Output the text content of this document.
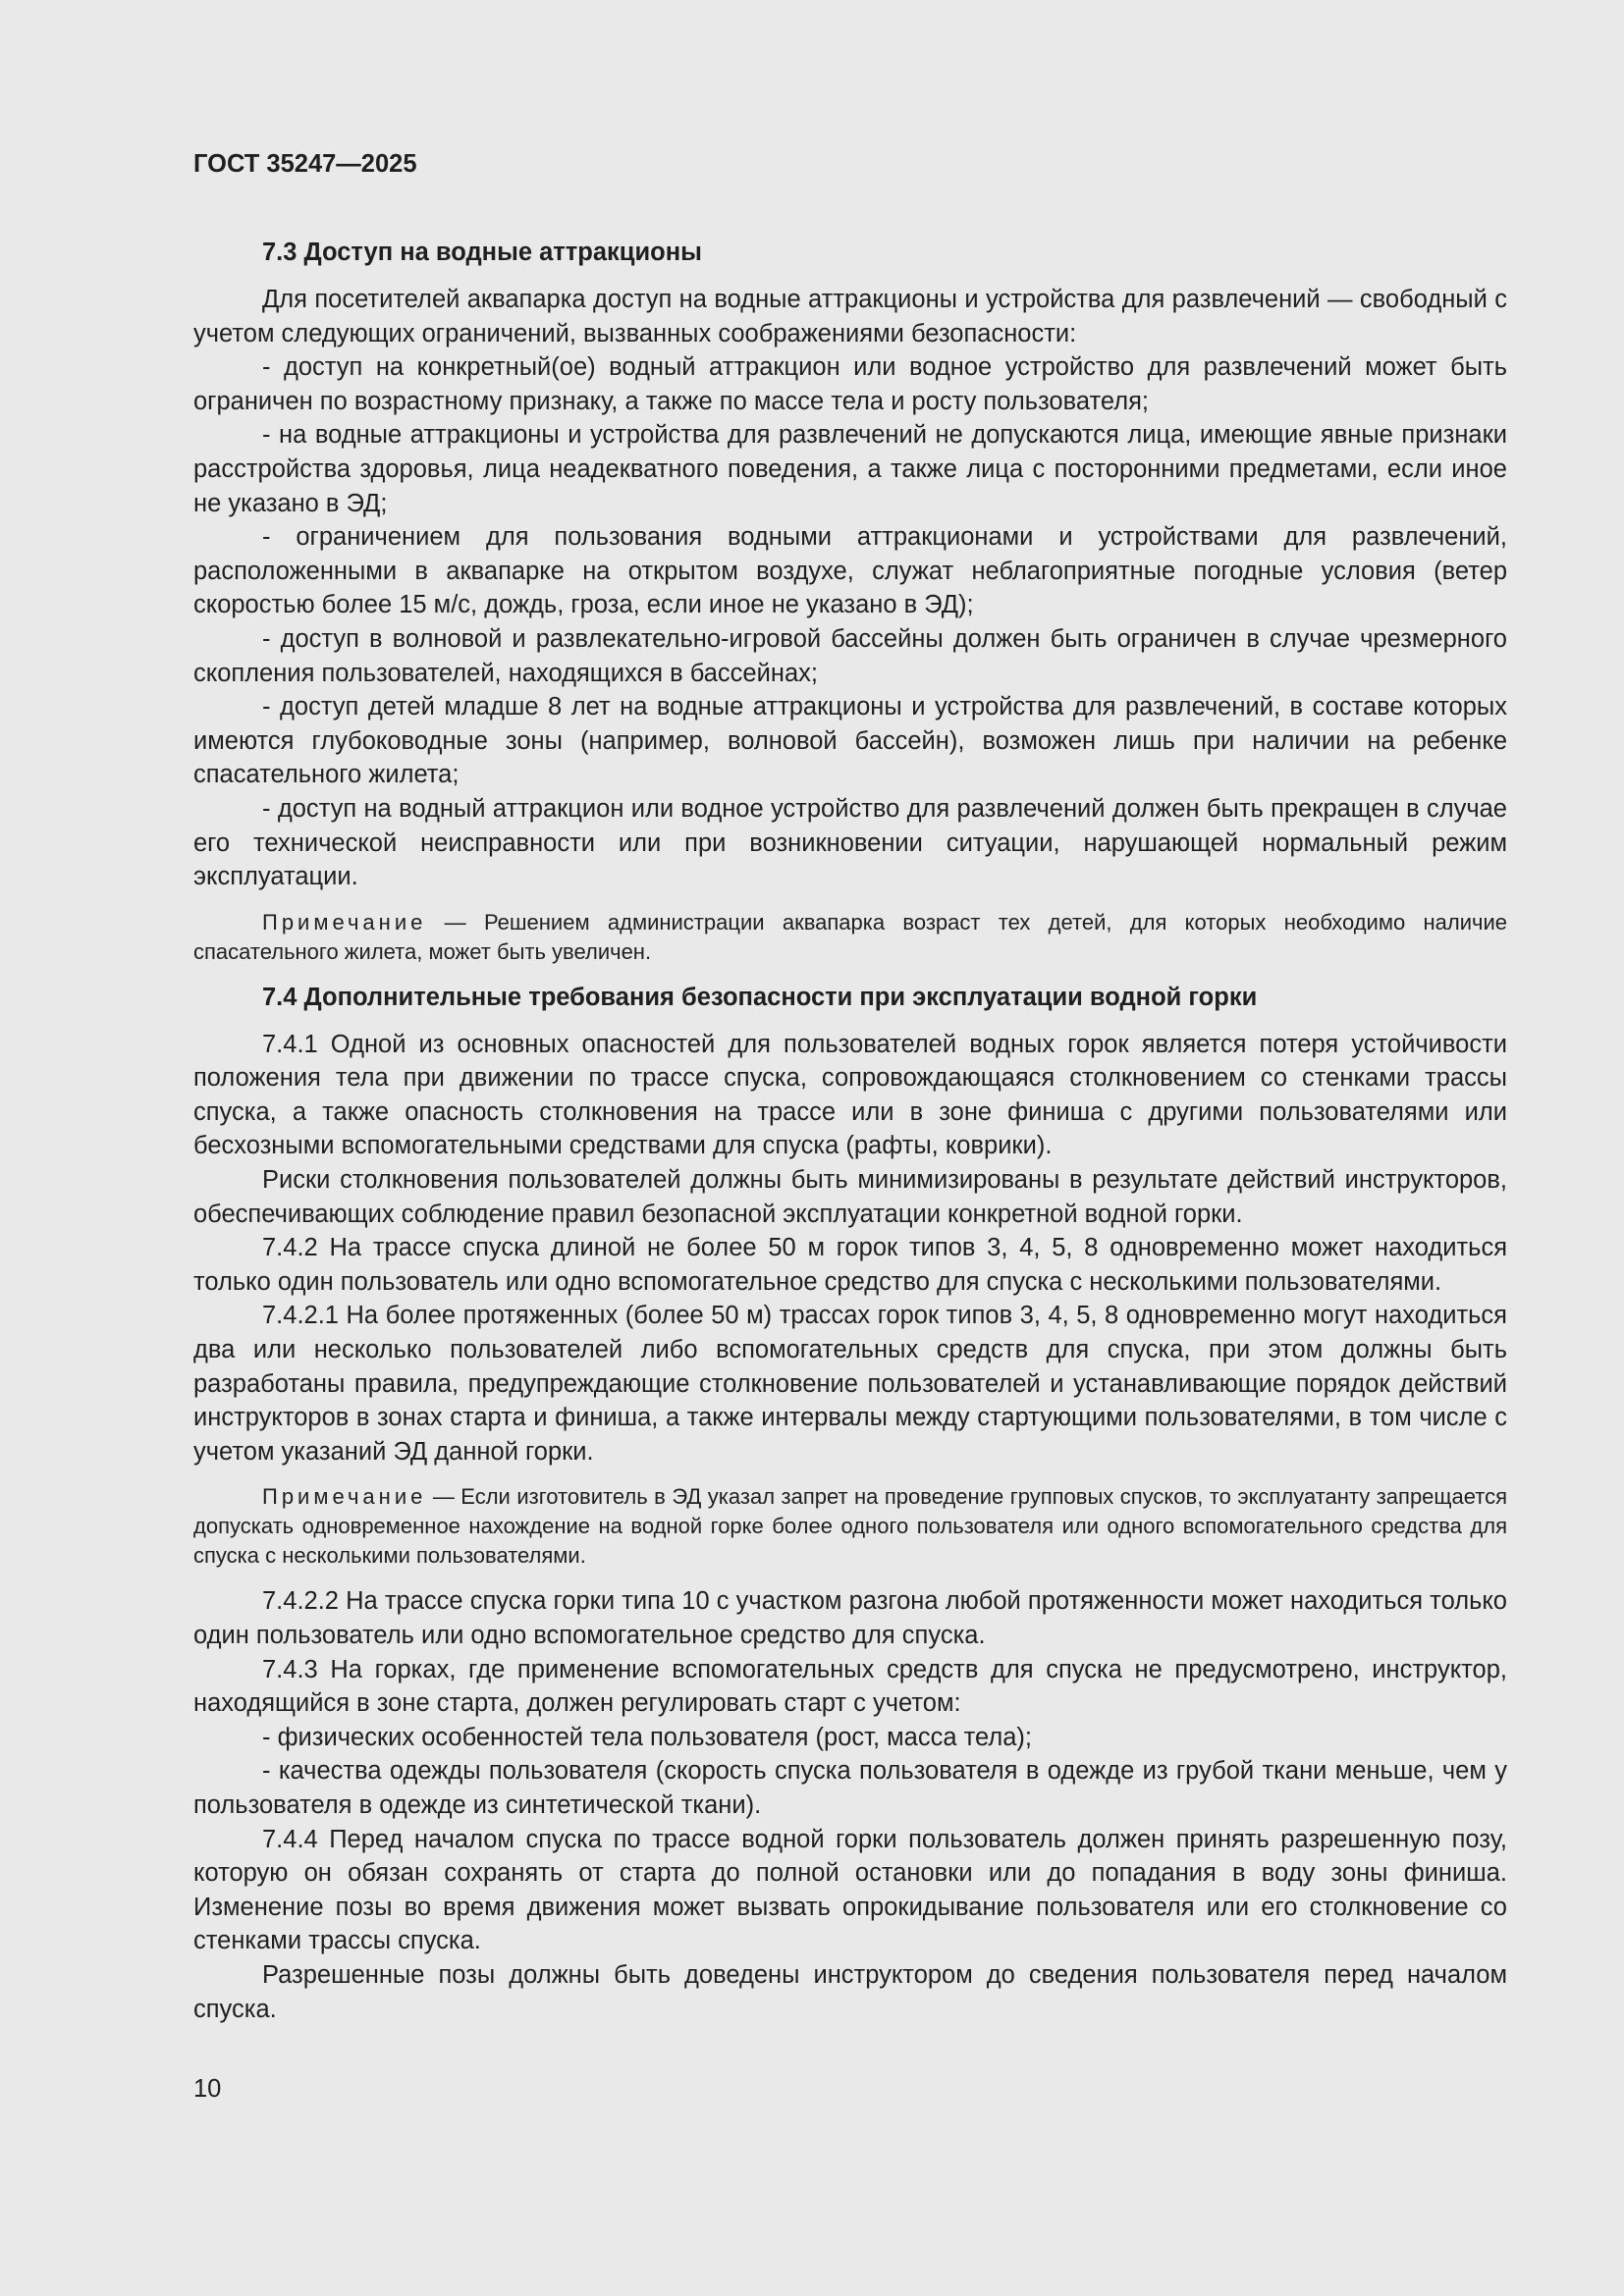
ГОСТ 35247—2025
7.3 Доступ на водные аттракционы

Для посетителей аквапарка доступ на водные аттракционы и устройства для развлечений — свободный с учетом следующих ограничений, вызванных соображениями безопасности:

- доступ на конкретный(ое) водный аттракцион или водное устройство для развлечений может быть ограничен по возрастному признаку, а также по массе тела и росту пользователя;

- на водные аттракционы и устройства для развлечений не допускаются лица, имеющие явные признаки расстройства здоровья, лица неадекватного поведения, а также лица с посторонними предметами, если иное не указано в ЭД;

- ограничением для пользования водными аттракционами и устройствами для развлечений, расположенными в аквапарке на открытом воздухе, служат неблагоприятные погодные условия (ветер скоростью более 15 м/с, дождь, гроза, если иное не указано в ЭД);

- доступ в волновой и развлекательно-игровой бассейны должен быть ограничен в случае чрезмерного скопления пользователей, находящихся в бассейнах;

- доступ детей младше 8 лет на водные аттракционы и устройства для развлечений, в составе которых имеются глубоководные зоны (например, волновой бассейн), возможен лишь при наличии на ребенке спасательного жилета;

- доступ на водный аттракцион или водное устройство для развлечений должен быть прекращен в случае его технической неисправности или при возникновении ситуации, нарушающей нормальный режим эксплуатации.

Примечание — Решением администрации аквапарка возраст тех детей, для которых необходимо наличие спасательного жилета, может быть увеличен.

7.4 Дополнительные требования безопасности при эксплуатации водной горки

7.4.1 Одной из основных опасностей для пользователей водных горок является потеря устойчивости положения тела при движении по трассе спуска, сопровождающаяся столкновением со стенками трассы спуска, а также опасность столкновения на трассе или в зоне финиша с другими пользователями или бесхозными вспомогательными средствами для спуска (рафты, коврики).

Риски столкновения пользователей должны быть минимизированы в результате действий инструкторов, обеспечивающих соблюдение правил безопасной эксплуатации конкретной водной горки.

7.4.2 На трассе спуска длиной не более 50 м горок типов 3, 4, 5, 8 одновременно может находиться только один пользователь или одно вспомогательное средство для спуска с несколькими пользователями.

7.4.2.1 На более протяженных (более 50 м) трассах горок типов 3, 4, 5, 8 одновременно могут находиться два или несколько пользователей либо вспомогательных средств для спуска, при этом должны быть разработаны правила, предупреждающие столкновение пользователей и устанавливающие порядок действий инструкторов в зонах старта и финиша, а также интервалы между стартующими пользователями, в том числе с учетом указаний ЭД данной горки.

Примечание — Если изготовитель в ЭД указал запрет на проведение групповых спусков, то эксплуатанту запрещается допускать одновременное нахождение на водной горке более одного пользователя или одного вспомогательного средства для спуска с несколькими пользователями.

7.4.2.2 На трассе спуска горки типа 10 с участком разгона любой протяженности может находиться только один пользователь или одно вспомогательное средство для спуска.

7.4.3 На горках, где применение вспомогательных средств для спуска не предусмотрено, инструктор, находящийся в зоне старта, должен регулировать старт с учетом:

- физических особенностей тела пользователя (рост, масса тела);

- качества одежды пользователя (скорость спуска пользователя в одежде из грубой ткани меньше, чем у пользователя в одежде из синтетической ткани).

7.4.4 Перед началом спуска по трассе водной горки пользователь должен принять разрешенную позу, которую он обязан сохранять от старта до полной остановки или до попадания в воду зоны финиша. Изменение позы во время движения может вызвать опрокидывание пользователя или его столкновение со стенками трассы спуска.

Разрешенные позы должны быть доведены инструктором до сведения пользователя перед началом спуска.

10
